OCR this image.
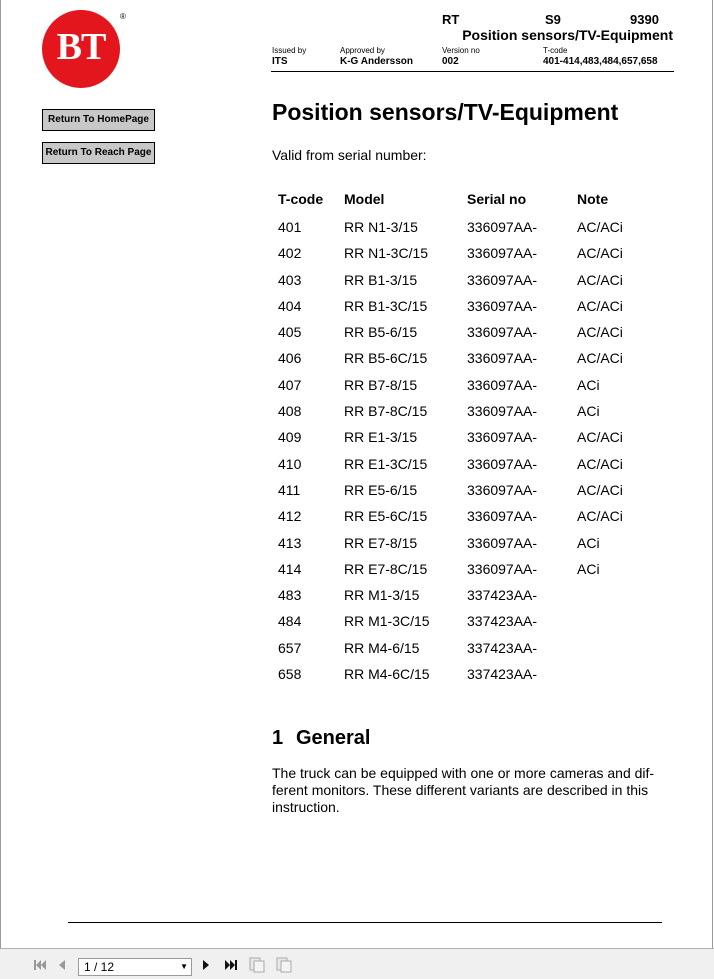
BT
®
Return To HomePage
Return To Reach Page
RT	S9	9390
Position sensors/TV-Equipment
Issued by
ITS
Approved by
K-G Andersson
Version no
002
T-code
401-414,483,484,657,658
Position sensors/TV-Equipment
Valid from serial number:
T-code Model	Serial no	Note
401	RR N1-3/15	336097AA-	AC/ACi
402	RR N1-3C/15	336097AA-	AC/ACi
403	RR B1-3/15	336097AA-	AC/ACi
404	RR B1-3C/15	336097AA-	AC/ACi
405	RR B5-6/15	336097AA-	AC/ACi
406	RR B5-6C/15	336097AA-	AC/ACi
407	RR B7-8/15	336097AA-	ACi
408	RR B7-8C/15	336097AA-	ACi
409	RR E1-3/15	336097AA-	AC/ACi
410	RR E1-3C/15	336097AA-	AC/ACi
411	RR E5-6/15	336097AA-	AC/ACi
412	RR E5-6C/15	336097AA-	AC/ACi
413	RR E7-8/15	336097AA-	ACi
414	RR E7-8C/15	336097AA-	ACi
483	RR M1-3/15	337423AA-
484	RR M1-3C/15	337423AA-
657	RR M4-6/15	337423AA-
658	RR M4-6C/15	337423AA-
1 General
The truck can be equipped with one or more cameras and dif-
ferent monitors. These different variants are described in this
instruction.
1 / 12	▼
